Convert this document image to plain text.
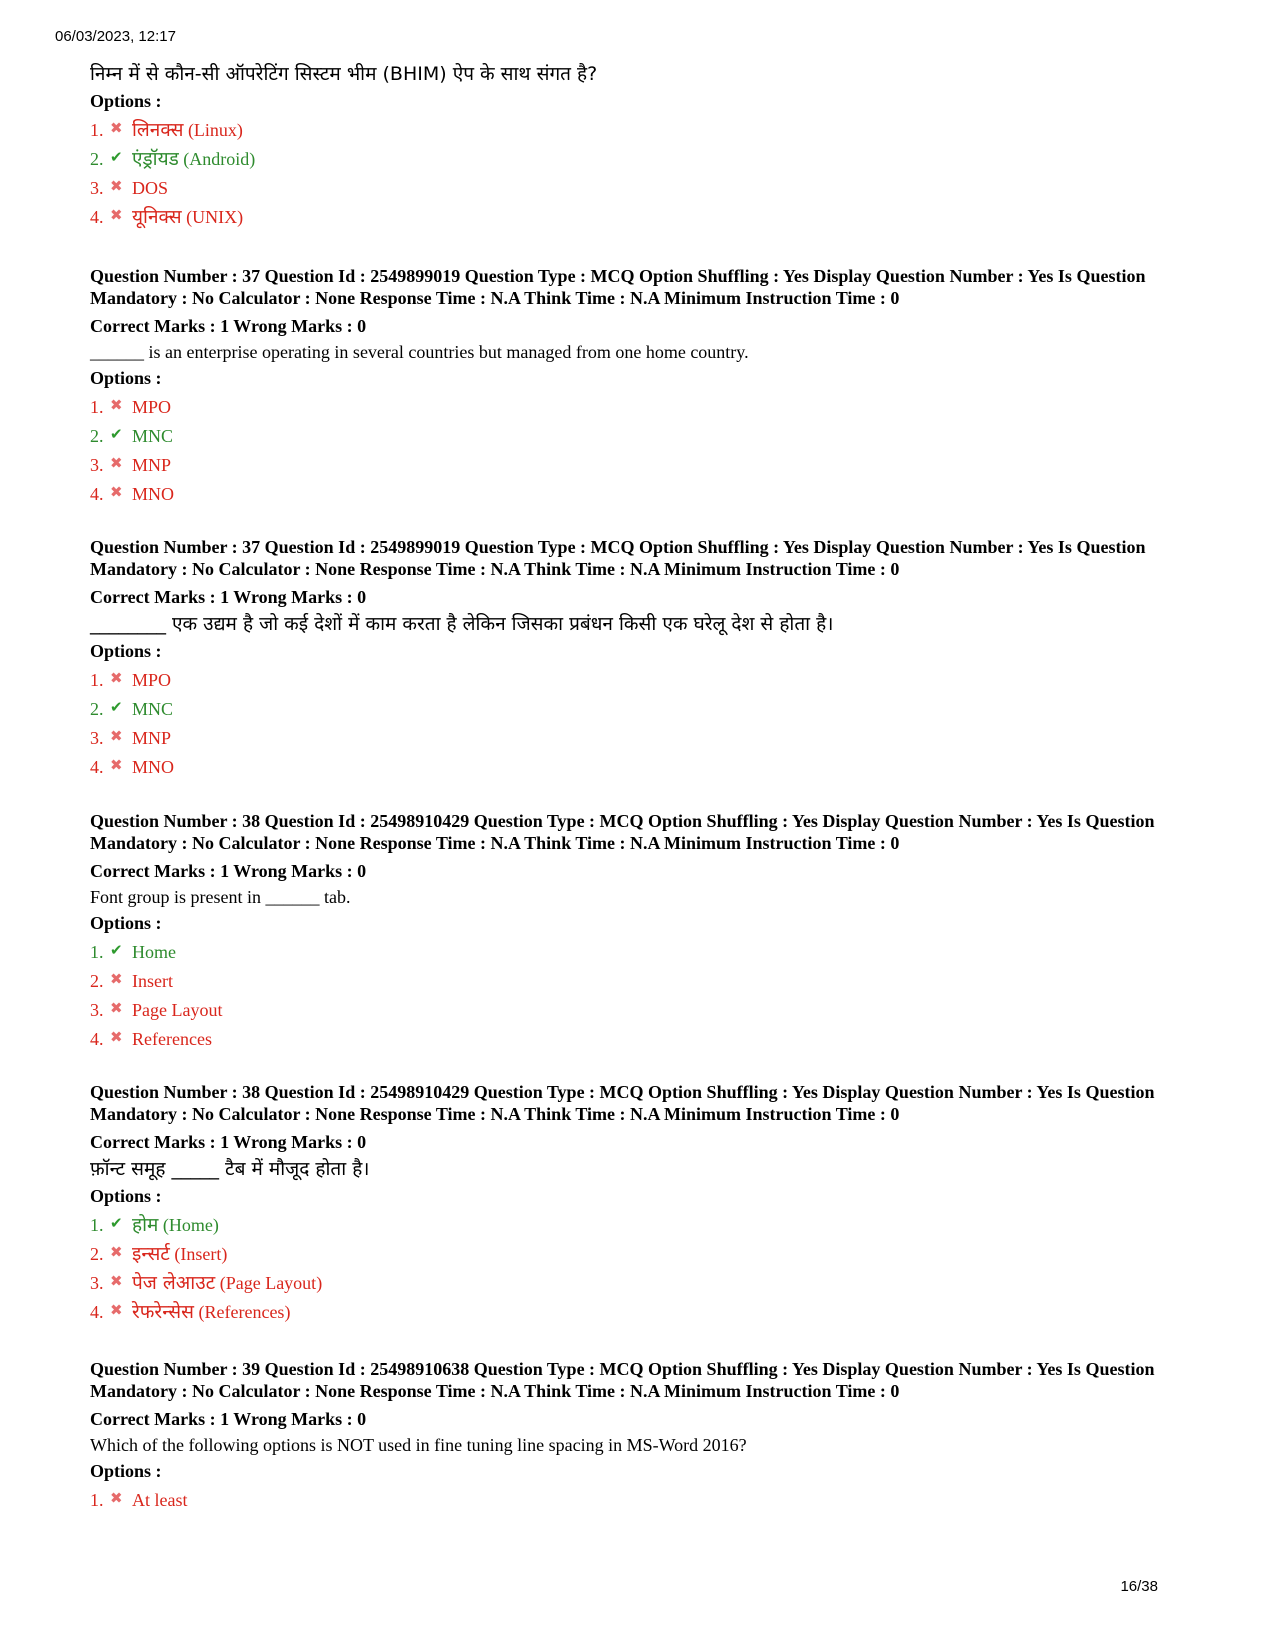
06/03/2023, 12:17

निम्न में से कौन-सी ऑपरेटिंग सिस्टम भीम (BHIM) ऐप के साथ संगत है?

Options :

1. ✖ लिनक्स (Linux)
2. ✔ एंड्रॉयड (Android)
3. ✖ DOS
4. ✖ यूनिक्स (UNIX)

Question Number : 37 Question Id : 2549899019 Question Type : MCQ Option Shuffling : Yes Display Question Number : Yes Is Question Mandatory : No Calculator : None Response Time : N.A Think Time : N.A Minimum Instruction Time : 0

Correct Marks : 1 Wrong Marks : 0

______ is an enterprise operating in several countries but managed from one home country.

Options :

1. ✖ MPO
2. ✔ MNC
3. ✖ MNP
4. ✖ MNO

Question Number : 37 Question Id : 2549899019 Question Type : MCQ Option Shuffling : Yes Display Question Number : Yes Is Question Mandatory : No Calculator : None Response Time : N.A Think Time : N.A Minimum Instruction Time : 0

Correct Marks : 1 Wrong Marks : 0

________ एक उद्यम है जो कई देशों में काम करता है लेकिन जिसका प्रबंधन किसी एक घरेलू देश से होता है।

Options :

1. ✖ MPO
2. ✔ MNC
3. ✖ MNP
4. ✖ MNO

Question Number : 38 Question Id : 25498910429 Question Type : MCQ Option Shuffling : Yes Display Question Number : Yes Is Question Mandatory : No Calculator : None Response Time : N.A Think Time : N.A Minimum Instruction Time : 0

Correct Marks : 1 Wrong Marks : 0

Font group is present in ______ tab.

Options :

1. ✔ Home
2. ✖ Insert
3. ✖ Page Layout
4. ✖ References

Question Number : 38 Question Id : 25498910429 Question Type : MCQ Option Shuffling : Yes Display Question Number : Yes Is Question Mandatory : No Calculator : None Response Time : N.A Think Time : N.A Minimum Instruction Time : 0

Correct Marks : 1 Wrong Marks : 0

फ़ॉन्ट समूह _____ टैब में मौजूद होता है।

Options :

1. ✔ होम (Home)
2. ✖ इन्सर्ट (Insert)
3. ✖ पेज लेआउट (Page Layout)
4. ✖ रेफरेन्सेस (References)

Question Number : 39 Question Id : 25498910638 Question Type : MCQ Option Shuffling : Yes Display Question Number : Yes Is Question Mandatory : No Calculator : None Response Time : N.A Think Time : N.A Minimum Instruction Time : 0

Correct Marks : 1 Wrong Marks : 0

Which of the following options is NOT used in fine tuning line spacing in MS-Word 2016?

Options :

1. ✖ At least
16/38
